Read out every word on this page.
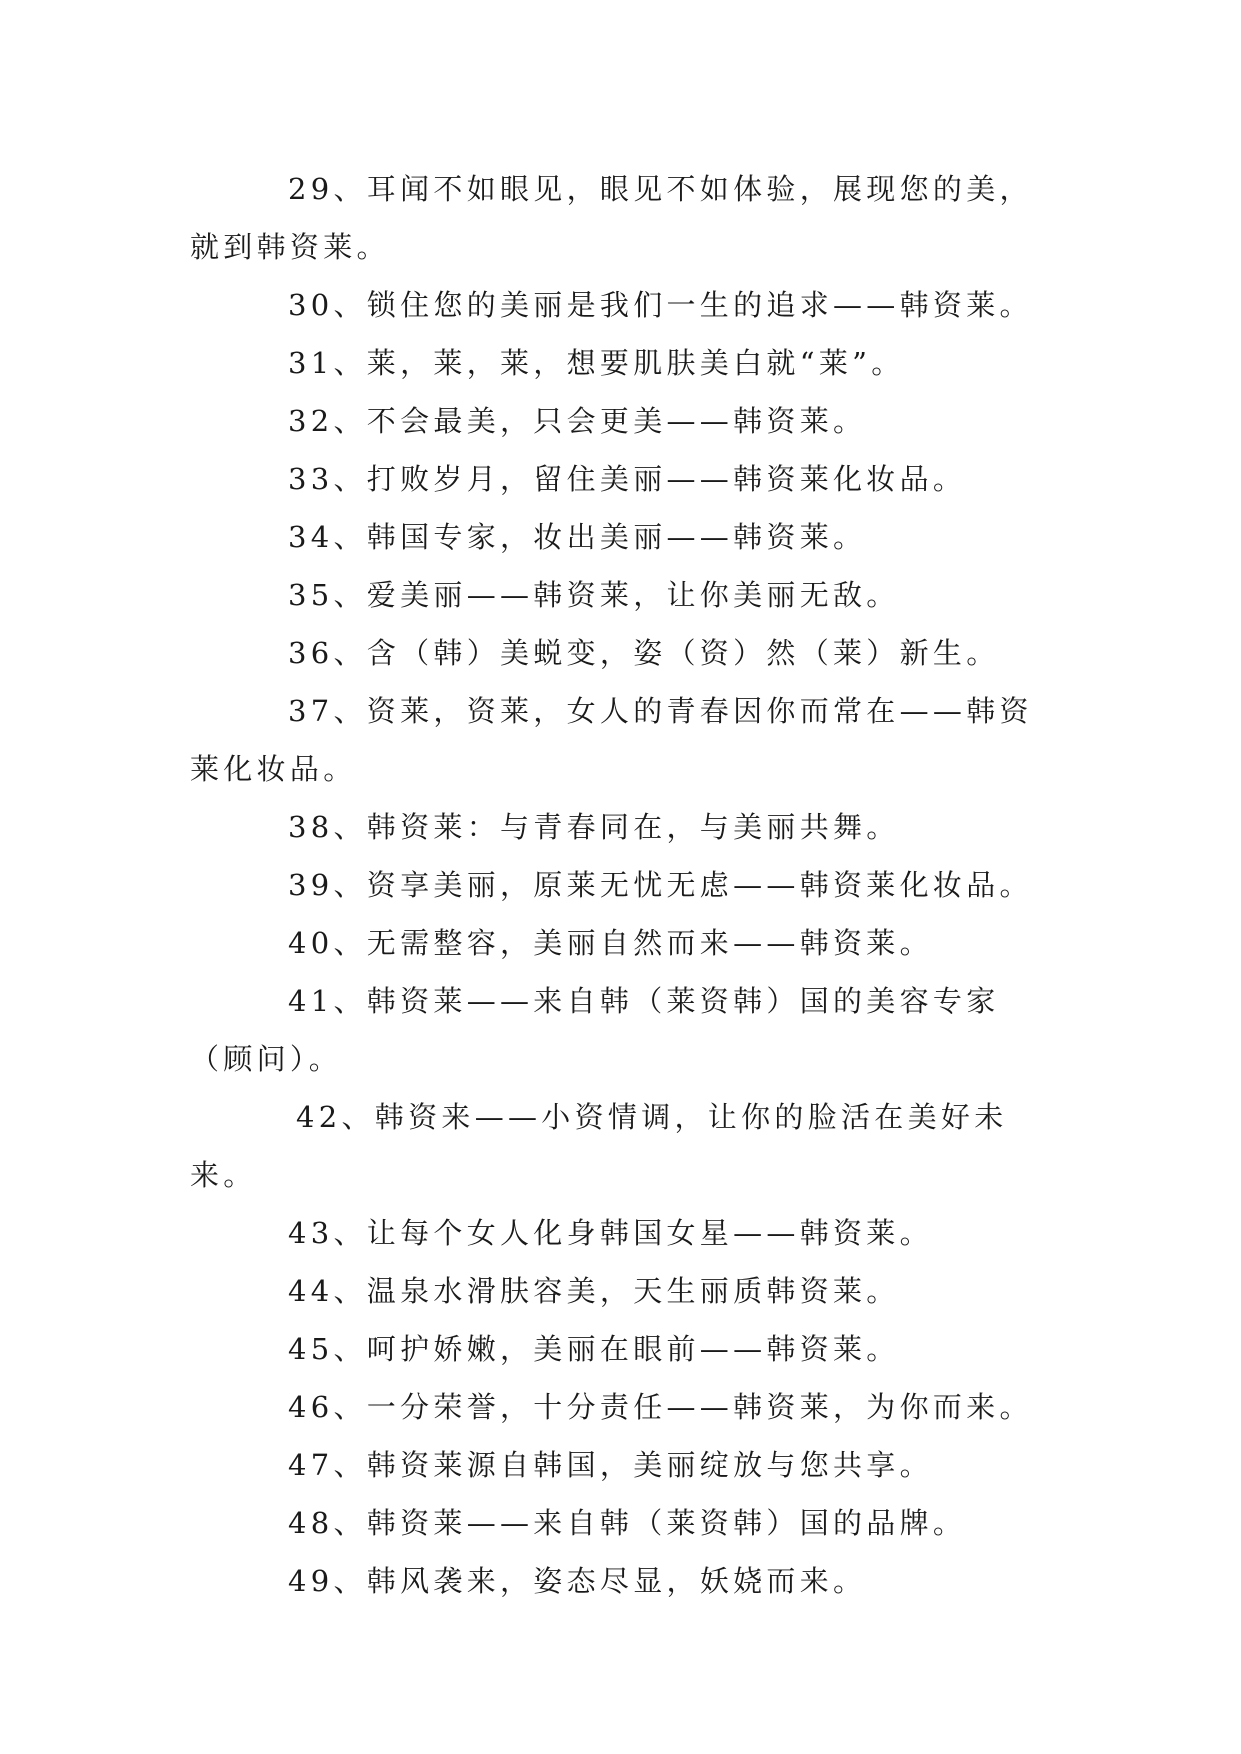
29、耳闻不如眼见，眼见不如体验，展现您的美，就到韩资莱。

30、锁住您的美丽是我们一生的追求——韩资莱。

31、莱，莱，莱，想要肌肤美白就“莱”。

32、不会最美，只会更美——韩资莱。

33、打败岁月，留住美丽——韩资莱化妆品。

34、韩国专家，妆出美丽——韩资莱。

35、爱美丽——韩资莱，让你美丽无敌。

36、含（韩）美蜕变，姿（资）然（莱）新生。

37、资莱，资莱，女人的青春因你而常在——韩资莱化妆品。

38、韩资莱：与青春同在，与美丽共舞。

39、资享美丽，原莱无忧无虑——韩资莱化妆品。

40、无需整容，美丽自然而来——韩资莱。

41、韩资莱——来自韩（莱资韩）国的美容专家（顾问）。

42、韩资来——小资情调，让你的脸活在美好未来。

43、让每个女人化身韩国女星——韩资莱。

44、温泉水滑肤容美，天生丽质韩资莱。

45、呵护娇嫩，美丽在眼前——韩资莱。

46、一分荣誉，十分责任——韩资莱，为你而来。

47、韩资莱源自韩国，美丽绽放与您共享。

48、韩资莱——来自韩（莱资韩）国的品牌。

49、韩风袭来，姿态尽显，妖娆而来。
